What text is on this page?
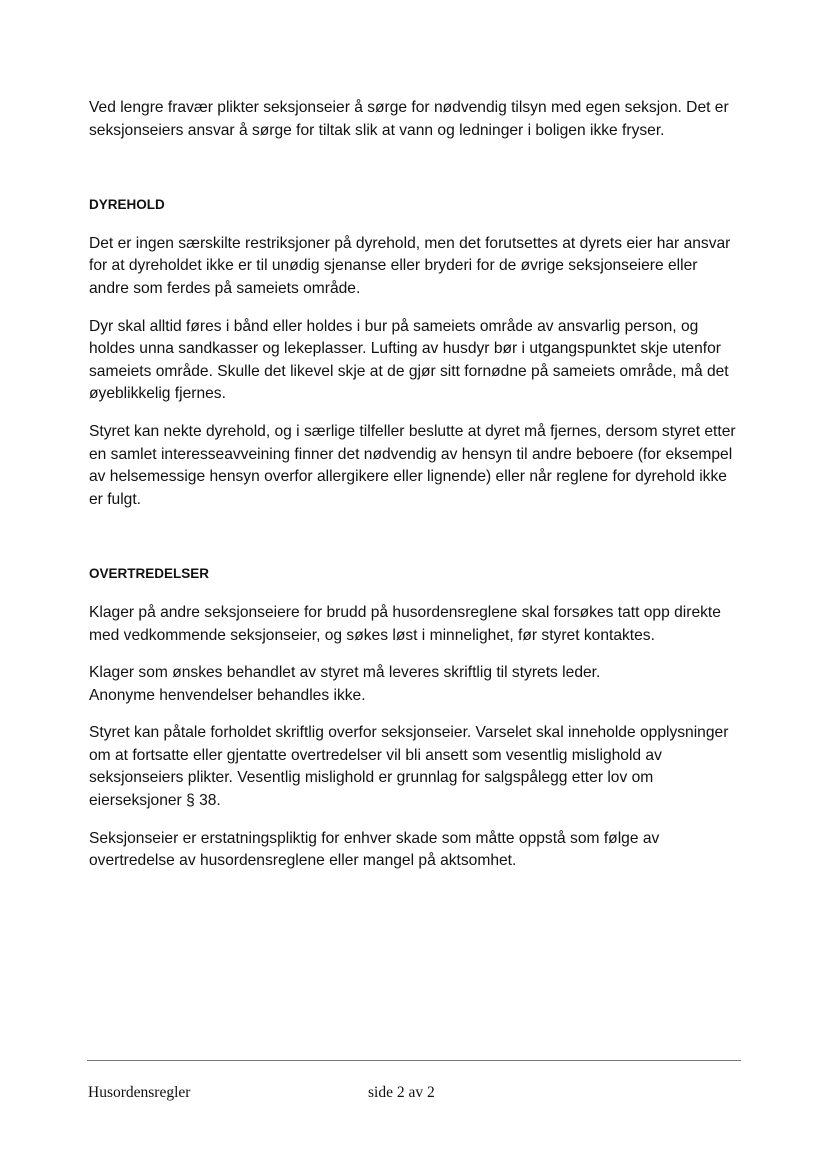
Ved lengre fravær plikter seksjonseier å sørge for nødvendig tilsyn med egen seksjon. Det er seksjonseiers ansvar å sørge for tiltak slik at vann og ledninger i boligen ikke fryser.

DYREHOLD

Det er ingen særskilte restriksjoner på dyrehold, men det forutsettes at dyrets eier har ansvar for at dyreholdet ikke er til unødig sjenanse eller bryderi for de øvrige seksjonseiere eller andre som ferdes på sameiets område.

Dyr skal alltid føres i bånd eller holdes i bur på sameiets område av ansvarlig person, og holdes unna sandkasser og lekeplasser. Lufting av husdyr bør i utgangspunktet skje utenfor sameiets område. Skulle det likevel skje at de gjør sitt fornødne på sameiets område, må det øyeblikkelig fjernes.

Styret kan nekte dyrehold, og i særlige tilfeller beslutte at dyret må fjernes, dersom styret etter en samlet interesseavveining finner det nødvendig av hensyn til andre beboere (for eksempel av helsemessige hensyn overfor allergikere eller lignende) eller når reglene for dyrehold ikke er fulgt.

OVERTREDELSER

Klager på andre seksjonseiere for brudd på husordensreglene skal forsøkes tatt opp direkte med vedkommende seksjonseier, og søkes løst i minnelighet, før styret kontaktes.

Klager som ønskes behandlet av styret må leveres skriftlig til styrets leder.
Anonyme henvendelser behandles ikke.

Styret kan påtale forholdet skriftlig overfor seksjonseier. Varselet skal inneholde opplysninger om at fortsatte eller gjentatte overtredelser vil bli ansett som vesentlig mislighold av seksjonseiers plikter. Vesentlig mislighold er grunnlag for salgspålegg etter lov om eierseksjoner § 38.

Seksjonseier er erstatningspliktig for enhver skade som måtte oppstå som følge av overtredelse av husordensreglene eller mangel på aktsomhet.

Husordensregler	side 2 av 2
